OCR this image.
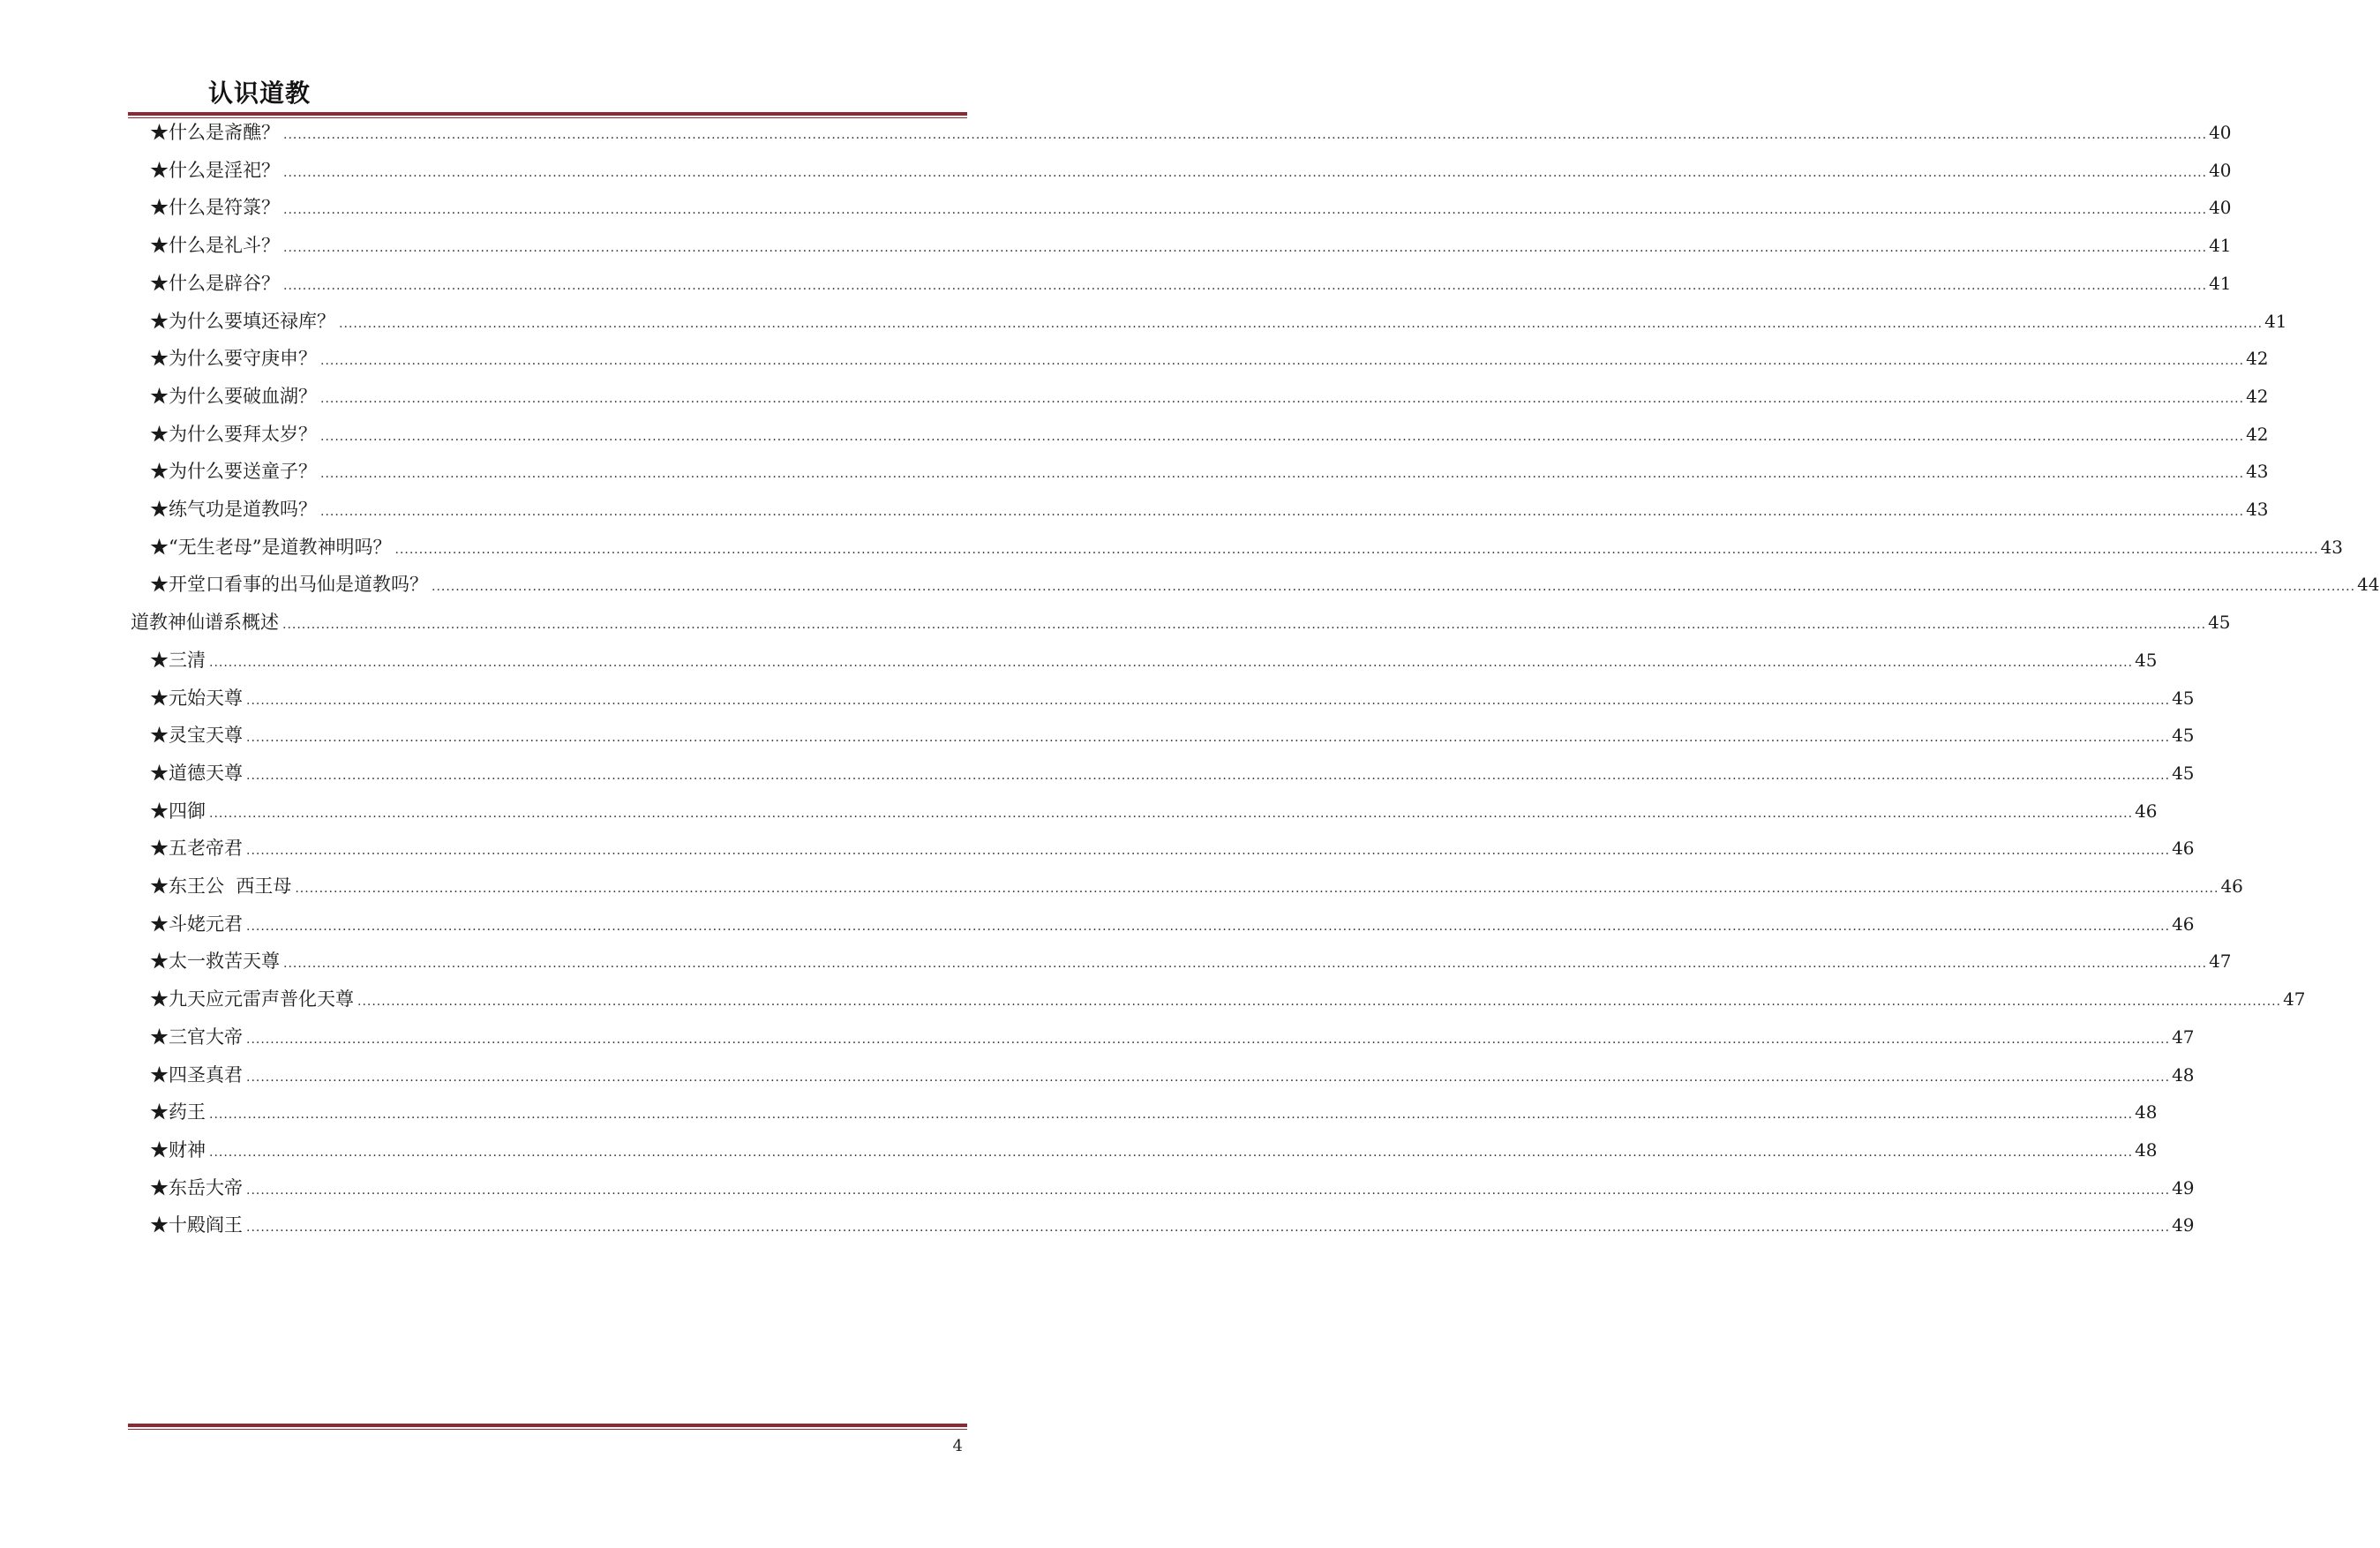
认识道教
★什么是斋醮？ ................................................................................................................................................................................................................................................................................................................................................................................................................ 40
★什么是淫祀？ ................................................................................................................................................................................................................................................................................................................................................................................................................ 40
★什么是符箓？ ................................................................................................................................................................................................................................................................................................................................................................................................................ 40
★什么是礼斗？ ................................................................................................................................................................................................................................................................................................................................................................................................................ 41
★什么是辟谷？ ................................................................................................................................................................................................................................................................................................................................................................................................................ 41
★为什么要填还禄库？ ................................................................................................................................................................................................................................................................................................................................................................................................................ 41
★为什么要守庚申？ ................................................................................................................................................................................................................................................................................................................................................................................................................ 42
★为什么要破血湖？ ................................................................................................................................................................................................................................................................................................................................................................................................................ 42
★为什么要拜太岁？ ................................................................................................................................................................................................................................................................................................................................................................................................................ 42
★为什么要送童子？ ................................................................................................................................................................................................................................................................................................................................................................................................................ 43
★练气功是道教吗？ ................................................................................................................................................................................................................................................................................................................................................................................................................ 43
★“无生老母”是道教神明吗？ ................................................................................................................................................................................................................................................................................................................................................................................................................ 43
★开堂口看事的出马仙是道教吗？ ................................................................................................................................................................................................................................................................................................................................................................................................................ 44
道教神仙谱系概述 ................................................................................................................................................................................................................................................................................................................................................................................................................ 45
★三清 ................................................................................................................................................................................................................................................................................................................................................................................................................ 45
★元始天尊 ................................................................................................................................................................................................................................................................................................................................................................................................................ 45
★灵宝天尊 ................................................................................................................................................................................................................................................................................................................................................................................................................ 45
★道德天尊 ................................................................................................................................................................................................................................................................................................................................................................................................................ 45
★四御 ................................................................................................................................................................................................................................................................................................................................................................................................................ 46
★五老帝君 ................................................................................................................................................................................................................................................................................................................................................................................................................ 46
★东王公  西王母 ................................................................................................................................................................................................................................................................................................................................................................................................................ 46
★斗姥元君 ................................................................................................................................................................................................................................................................................................................................................................................................................ 46
★太一救苦天尊 ................................................................................................................................................................................................................................................................................................................................................................................................................ 47
★九天应元雷声普化天尊 ................................................................................................................................................................................................................................................................................................................................................................................................................ 47
★三官大帝 ................................................................................................................................................................................................................................................................................................................................................................................................................ 47
★四圣真君 ................................................................................................................................................................................................................................................................................................................................................................................................................ 48
★药王 ................................................................................................................................................................................................................................................................................................................................................................................................................ 48
★财神 ................................................................................................................................................................................................................................................................................................................................................................................................................ 48
★东岳大帝 ................................................................................................................................................................................................................................................................................................................................................................................................................ 49
★十殿阎王 ................................................................................................................................................................................................................................................................................................................................................................................................................ 49
4
